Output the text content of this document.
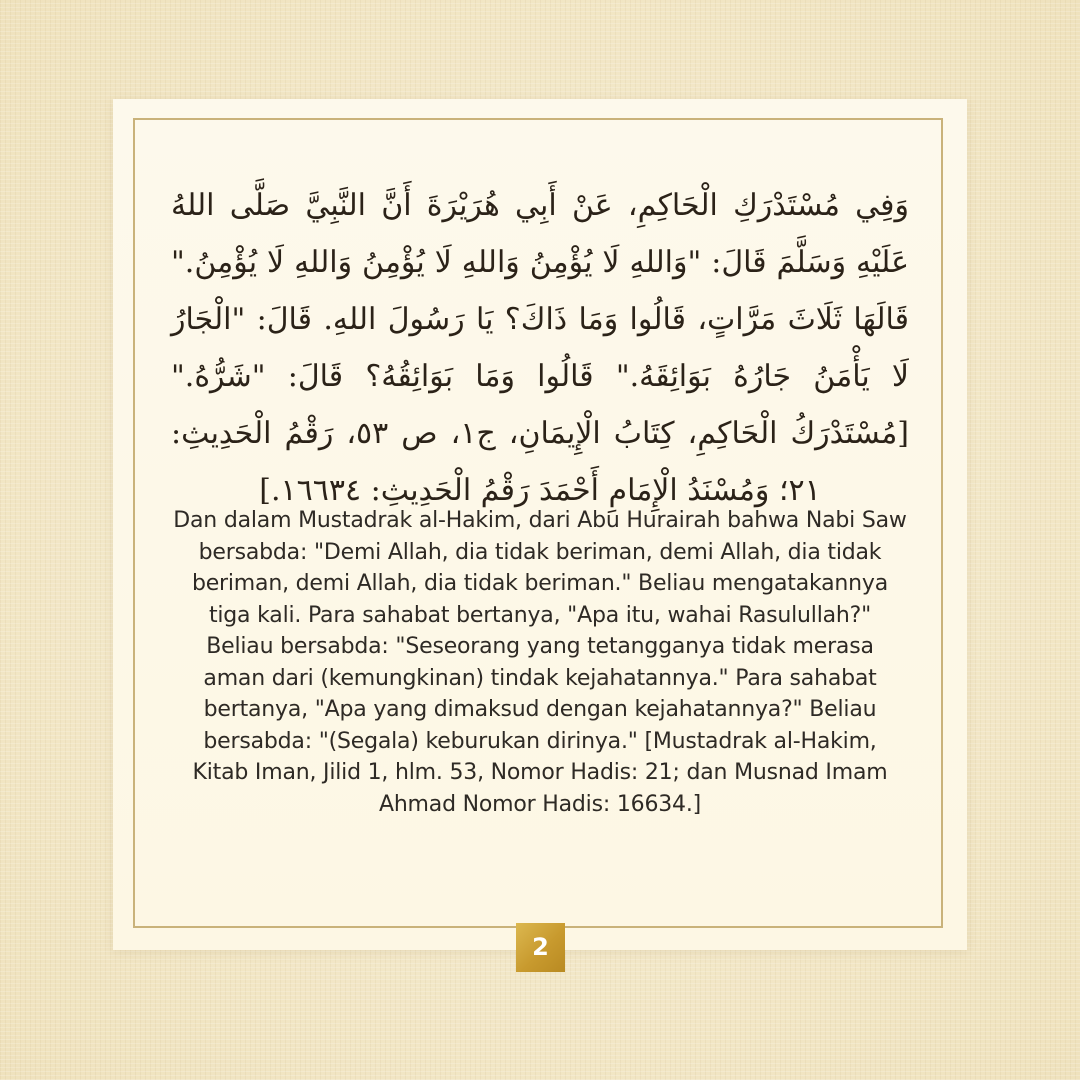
وَفِي مُسْتَدْرَكِ الْحَاكِمِ، عَنْ أَبِي هُرَيْرَةَ أَنَّ النَّبِيَّ صَلَّى اللهُ عَلَيْهِ وَسَلَّمَ قَالَ: "وَاللهِ لَا يُؤْمِنُ وَاللهِ لَا يُؤْمِنُ وَاللهِ لَا يُؤْمِنُ." قَالَهَا ثَلَاثَ مَرَّاتٍ، قَالُوا وَمَا ذَاكَ؟ يَا رَسُولَ اللهِ. قَالَ: "الْجَارُ لَا يَأْمَنُ جَارُهُ بَوَائِقَهُ." قَالُوا وَمَا بَوَائِقُهُ؟ قَالَ: "شَرُّهُ." [مُسْتَدْرَكُ الْحَاكِمِ، كِتَابُ الْإِيمَانِ، ج١، ص ٥٣، رَقْمُ الْحَدِيثِ: ٢١؛ وَمُسْنَدُ الْإِمَامِ أَحْمَدَ رَقْمُ الْحَدِيثِ: ١٦٦٣٤.]
Dan dalam Mustadrak al-Hakim, dari Abu Hurairah bahwa Nabi Saw bersabda: "Demi Allah, dia tidak beriman, demi Allah, dia tidak beriman, demi Allah, dia tidak beriman." Beliau mengatakannya tiga kali. Para sahabat bertanya, "Apa itu, wahai Rasulullah?" Beliau bersabda: "Seseorang yang tetangganya tidak merasa aman dari (kemungkinan) tindak kejahatannya." Para sahabat bertanya, "Apa yang dimaksud dengan kejahatannya?" Beliau bersabda: "(Segala) keburukan dirinya." [Mustadrak al-Hakim, Kitab Iman, Jilid 1, hlm. 53, Nomor Hadis: 21; dan Musnad Imam Ahmad Nomor Hadis: 16634.]
2
